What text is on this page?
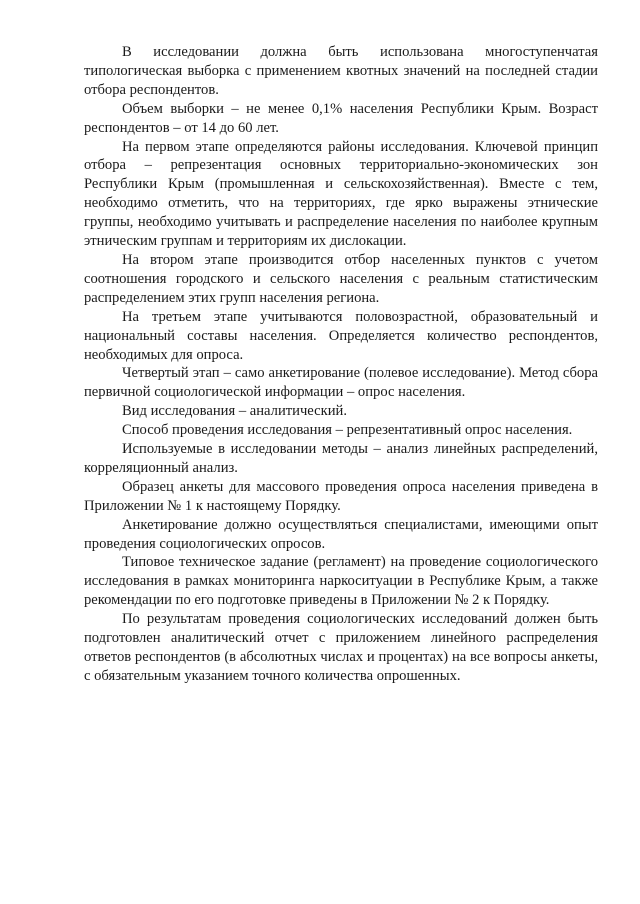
В исследовании должна быть использована многоступенчатая типологическая выборка с применением квотных значений на последней стадии отбора респондентов.

Объем выборки – не менее 0,1% населения Республики Крым. Возраст респондентов – от 14 до 60 лет.

На первом этапе определяются районы исследования. Ключевой принцип отбора – репрезентация основных территориально-экономических зон Республики Крым (промышленная и сельскохозяйственная). Вместе с тем, необходимо отметить, что на территориях, где ярко выражены этнические группы, необходимо учитывать и распределение населения по наиболее крупным этническим группам и территориям их дислокации.

На втором этапе производится отбор населенных пунктов с учетом соотношения городского и сельского населения с реальным статистическим распределением этих групп населения региона.

На третьем этапе учитываются половозрастной, образовательный и национальный составы населения. Определяется количество респондентов, необходимых для опроса.

Четвертый этап – само анкетирование (полевое исследование). Метод сбора первичной социологической информации – опрос населения.

Вид исследования – аналитический.

Способ проведения исследования – репрезентативный опрос населения.

Используемые в исследовании методы – анализ линейных распределений, корреляционный анализ.

Образец анкеты для массового проведения опроса населения приведена в Приложении № 1 к настоящему Порядку.

Анкетирование должно осуществляться специалистами, имеющими опыт проведения социологических опросов.

Типовое техническое задание (регламент) на проведение социологического исследования в рамках мониторинга наркоситуации в Республике Крым, а также рекомендации по его подготовке приведены в Приложении № 2 к Порядку.

По результатам проведения социологических исследований должен быть подготовлен аналитический отчет с приложением линейного распределения ответов респондентов (в абсолютных числах и процентах) на все вопросы анкеты, с обязательным указанием точного количества опрошенных.
